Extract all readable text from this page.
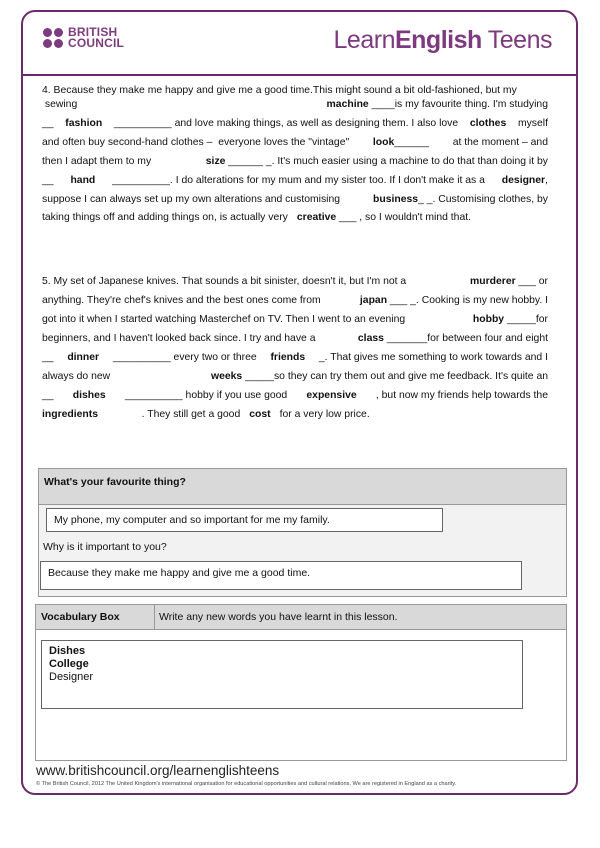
BRITISH
COUNCIL	LearnEnglish Teens
4. Because they make me happy and give me a good time.This might sound a bit old-fashioned, but my
sewing	machine ____is my favourite thing. I'm studying
__ fashion __________ and love making things, as well as designing them. I also love clothes myself
and often buy second-hand clothes –  everyone loves the "vintage" look______ at the moment – and
then I adapt them to my	size ______ _. It's much easier using a machine to do that than doing it by
__ hand __________. I do alterations for my mum and my sister too. If I don't make it as a designer,
suppose I can always set up my own alterations and customising	business_ _. Customising clothes, by
taking things off and adding things on, is actually very creative ___ , so I wouldn't mind that.
5. My set of Japanese knives. That sounds a bit sinister, doesn't it, but I'm not a	murderer ___ or
anything. They're chef's knives and the best ones come from	japan ___ _. Cooking is my new hobby. I
got into it when I started watching Masterchef on TV. Then I went to an evening	hobby _____for
beginners, and I haven't looked back since. I try and have a	class _______for between four and eight
__ dinner __________ every two or three friends _. That gives me something to work towards and I
always do new	weeks _____so they can try them out and give me feedback. It's quite an
__ dishes __________ hobby if you use good expensive , but now my friends help towards the
ingredients . They still get a good cost for a very low price.
What's your favourite thing?
My phone, my computer and so important for me my family.
Why is it important to you?
Because they make me happy and give me a good time.
Vocabulary Box	Write any new words you have learnt in this lesson.
Dishes
College
Designer
www.britishcouncil.org/learnenglishteens
© The British Council, 2012 The United Kingdom's international organisation for educational opportunities and cultural relations. We are registered in England as a charity.
